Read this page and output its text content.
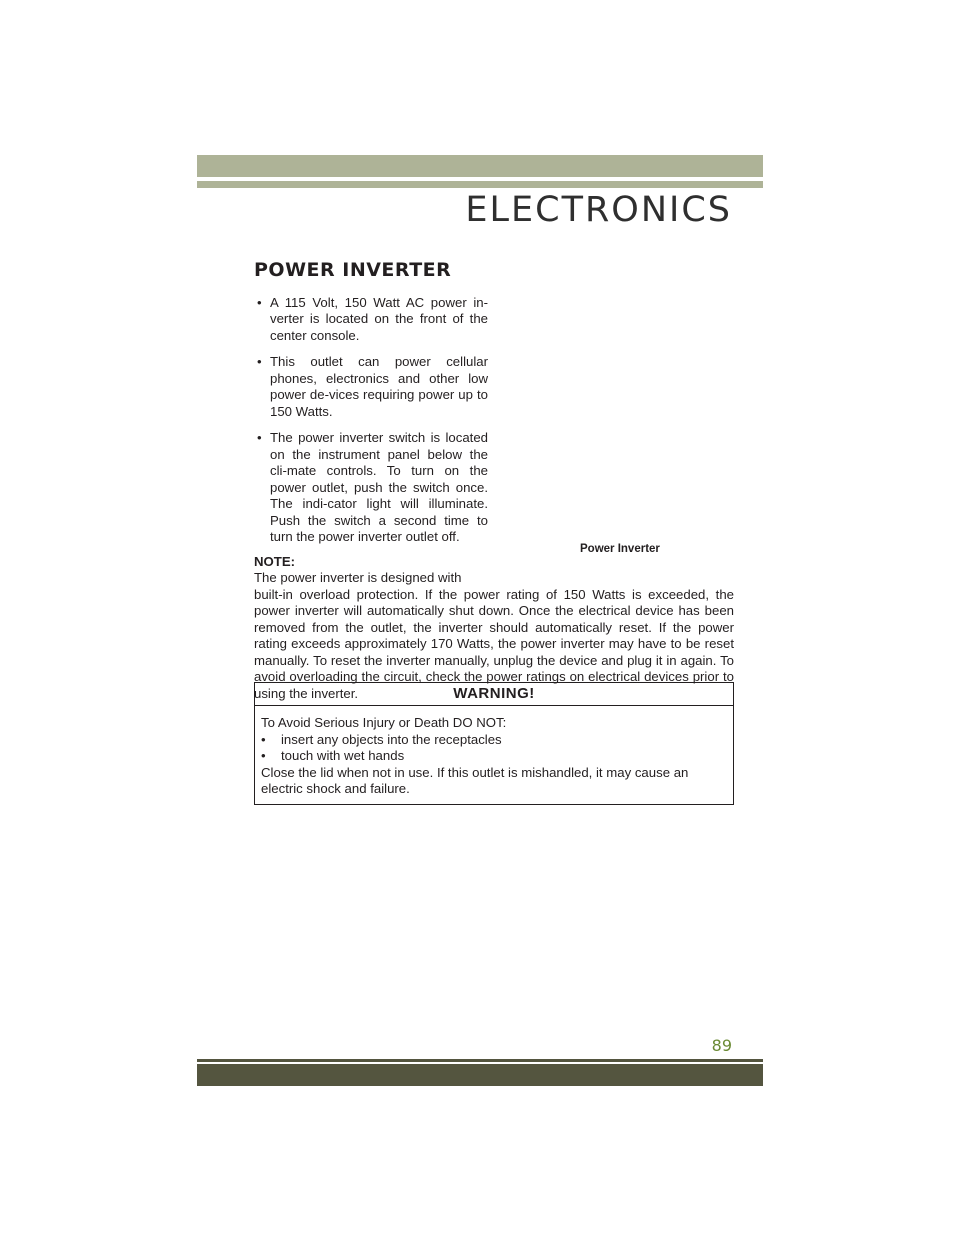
ELECTRONICS
POWER INVERTER
• A 115 Volt, 150 Watt AC power in-verter is located on the front of the center console.
• This outlet can power cellular phones, electronics and other low power de-vices requiring power up to 150 Watts.
• The power inverter switch is located on the instrument panel below the cli-mate controls. To turn on the power outlet, push the switch once. The indi-cator light will illuminate. Push the switch a second time to turn the power inverter outlet off.
NOTE:
The power inverter is designed with
built-in overload protection. If the power rating of 150 Watts is exceeded, the power inverter will automatically shut down. Once the electrical device has been removed from the outlet, the inverter should automatically reset. If the power rating exceeds approximately 170 Watts, the power inverter may have to be reset manually. To reset the inverter manually, unplug the device and plug it in again. To avoid overloading the circuit, check the power ratings on electrical devices prior to using the inverter.
Power Inverter
WARNING!
To Avoid Serious Injury or Death DO NOT:
• insert any objects into the receptacles
• touch with wet hands
Close the lid when not in use. If this outlet is mishandled, it may cause an electric shock and failure.
89
